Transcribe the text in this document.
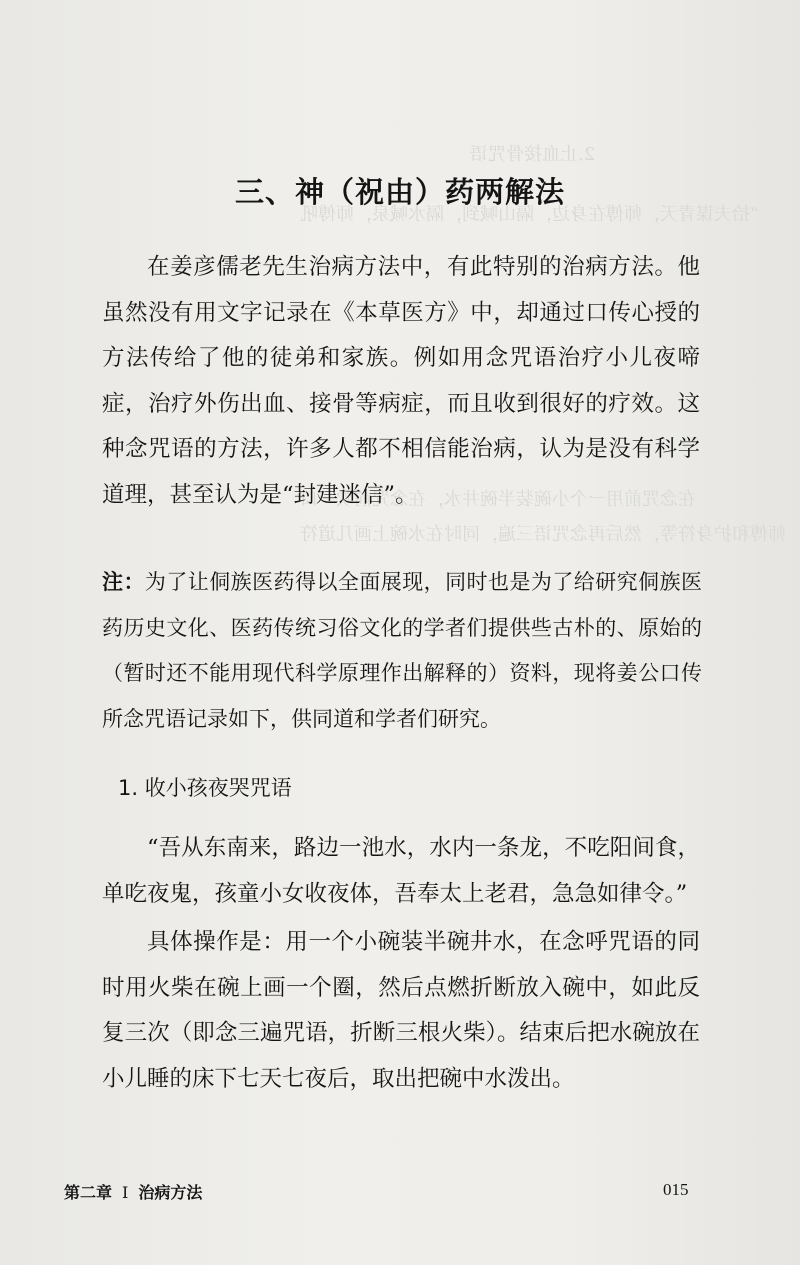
2.止血接骨咒语
“拾夫谋青天，师傅在身边，隔山喊到，隔水喊泉，师傅吼
在念咒前用一个小碗装半碗井水，在念咒前吹一口
师傅和护身符等，然后再念咒语三遍，同时在水碗上画几道符
三、神（祝由）药两解法

在姜彦儒老先生治病方法中，有此特别的治病方法。他虽然没有用文字记录在《本草医方》中，却通过口传心授的方法传给了他的徒弟和家族。例如用念咒语治疗小儿夜啼症，治疗外伤出血、接骨等病症，而且收到很好的疗效。这种念咒语的方法，许多人都不相信能治病，认为是没有科学道理，甚至认为是“封建迷信”。

注：为了让侗族医药得以全面展现，同时也是为了给研究侗族医药历史文化、医药传统习俗文化的学者们提供些古朴的、原始的（暂时还不能用现代科学原理作出解释的）资料，现将姜公口传所念咒语记录如下，供同道和学者们研究。

1. 收小孩夜哭咒语

“吾从东南来，路边一池水，水内一条龙，不吃阳间食，单吃夜鬼，孩童小女收夜体，吾奉太上老君，急急如律令。”

具体操作是：用一个小碗装半碗井水，在念呼咒语的同时用火柴在碗上画一个圈，然后点燃折断放入碗中，如此反复三次（即念三遍咒语，折断三根火柴）。结束后把水碗放在小儿睡的床下七天七夜后，取出把碗中水泼出。

第二章 I 治病方法	015
